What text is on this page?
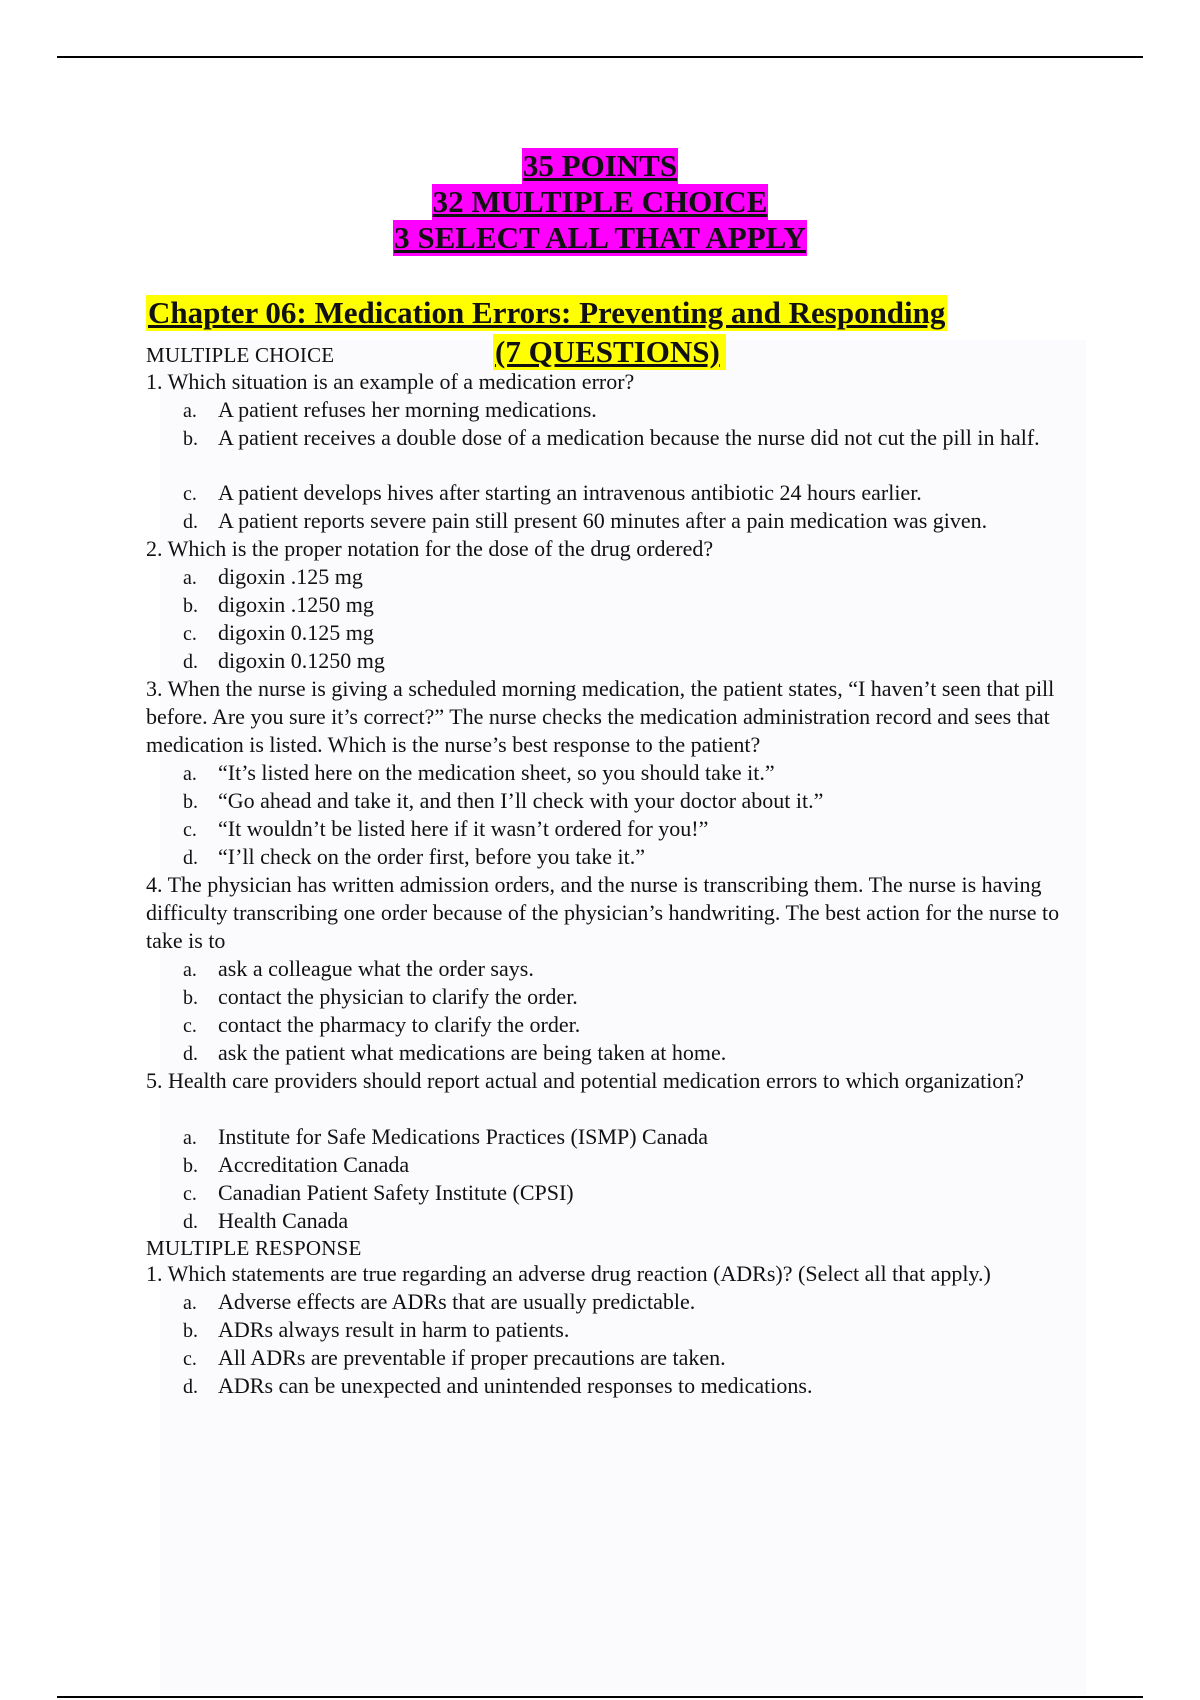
35 POINTS
32 MULTIPLE CHOICE
3 SELECT ALL THAT APPLY
Chapter 06: Medication Errors: Preventing and Responding
(7 QUESTIONS)
MULTIPLE CHOICE
1. Which situation is an example of a medication error?
a. A patient refuses her morning medications.
b. A patient receives a double dose of a medication because the nurse did not cut the pill in half.
c. A patient develops hives after starting an intravenous antibiotic 24 hours earlier.
d. A patient reports severe pain still present 60 minutes after a pain medication was given.
2. Which is the proper notation for the dose of the drug ordered?
a. digoxin .125 mg
b. digoxin .1250 mg
c. digoxin 0.125 mg
d. digoxin 0.1250 mg
3. When the nurse is giving a scheduled morning medication, the patient states, “I haven’t seen that pill before. Are you sure it’s correct?” The nurse checks the medication administration record and sees that medication is listed. Which is the nurse’s best response to the patient?
a. “It’s listed here on the medication sheet, so you should take it.”
b. “Go ahead and take it, and then I’ll check with your doctor about it.”
c. “It wouldn’t be listed here if it wasn’t ordered for you!”
d. “I’ll check on the order first, before you take it.”
4. The physician has written admission orders, and the nurse is transcribing them. The nurse is having difficulty transcribing one order because of the physician’s handwriting. The best action for the nurse to take is to
a. ask a colleague what the order says.
b. contact the physician to clarify the order.
c. contact the pharmacy to clarify the order.
d. ask the patient what medications are being taken at home.
5. Health care providers should report actual and potential medication errors to which organization?
a. Institute for Safe Medications Practices (ISMP) Canada
b. Accreditation Canada
c. Canadian Patient Safety Institute (CPSI)
d. Health Canada
MULTIPLE RESPONSE
1. Which statements are true regarding an adverse drug reaction (ADRs)? (Select all that apply.)
a. Adverse effects are ADRs that are usually predictable.
b. ADRs always result in harm to patients.
c. All ADRs are preventable if proper precautions are taken.
d. ADRs can be unexpected and unintended responses to medications.
